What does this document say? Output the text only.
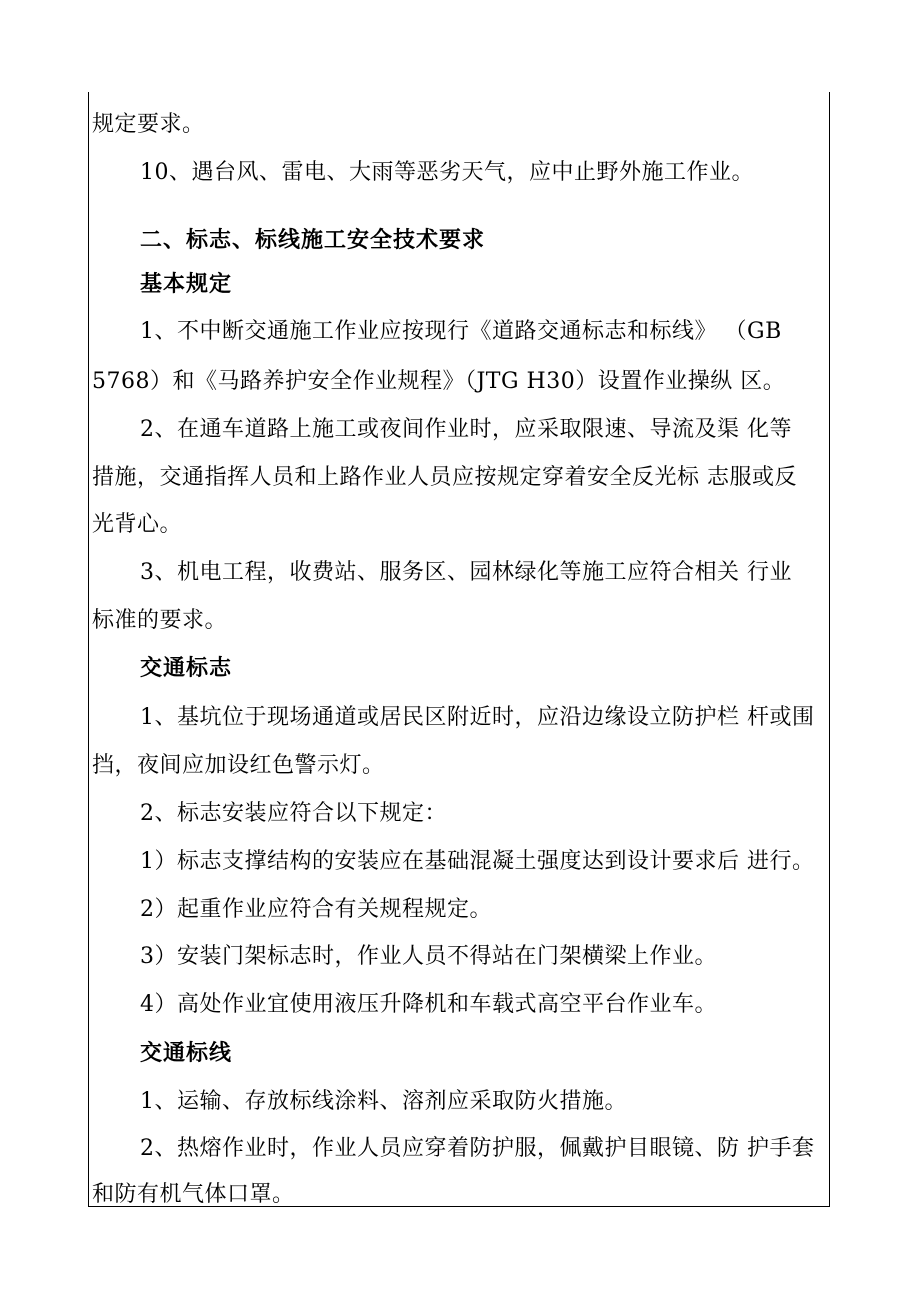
规定要求。
10、遇台风、雷电、大雨等恶劣天气，应中止野外施工作业。
二、标志、标线施工安全技术要求
基本规定
1、不中断交通施工作业应按现行《道路交通标志和标线》 （GB
5768）和《马路养护安全作业规程》（JTG H30）设置作业操纵 区。
2、在通车道路上施工或夜间作业时，应采取限速、导流及渠 化等
措施，交通指挥人员和上路作业人员应按规定穿着安全反光标 志服或反
光背心。
3、机电工程，收费站、服务区、园林绿化等施工应符合相关 行业
标准的要求。
交通标志
1、基坑位于现场通道或居民区附近时，应沿边缘设立防护栏 杆或围
挡，夜间应加设红色警示灯。
2、标志安装应符合以下规定：
1）标志支撑结构的安装应在基础混凝土强度达到设计要求后 进行。
2）起重作业应符合有关规程规定。
3）安装门架标志时，作业人员不得站在门架横梁上作业。
4）高处作业宜使用液压升降机和车载式高空平台作业车。
交通标线
1、运输、存放标线涂料、溶剂应采取防火措施。
2、热熔作业时，作业人员应穿着防护服，佩戴护目眼镜、防 护手套
和防有机气体口罩。
